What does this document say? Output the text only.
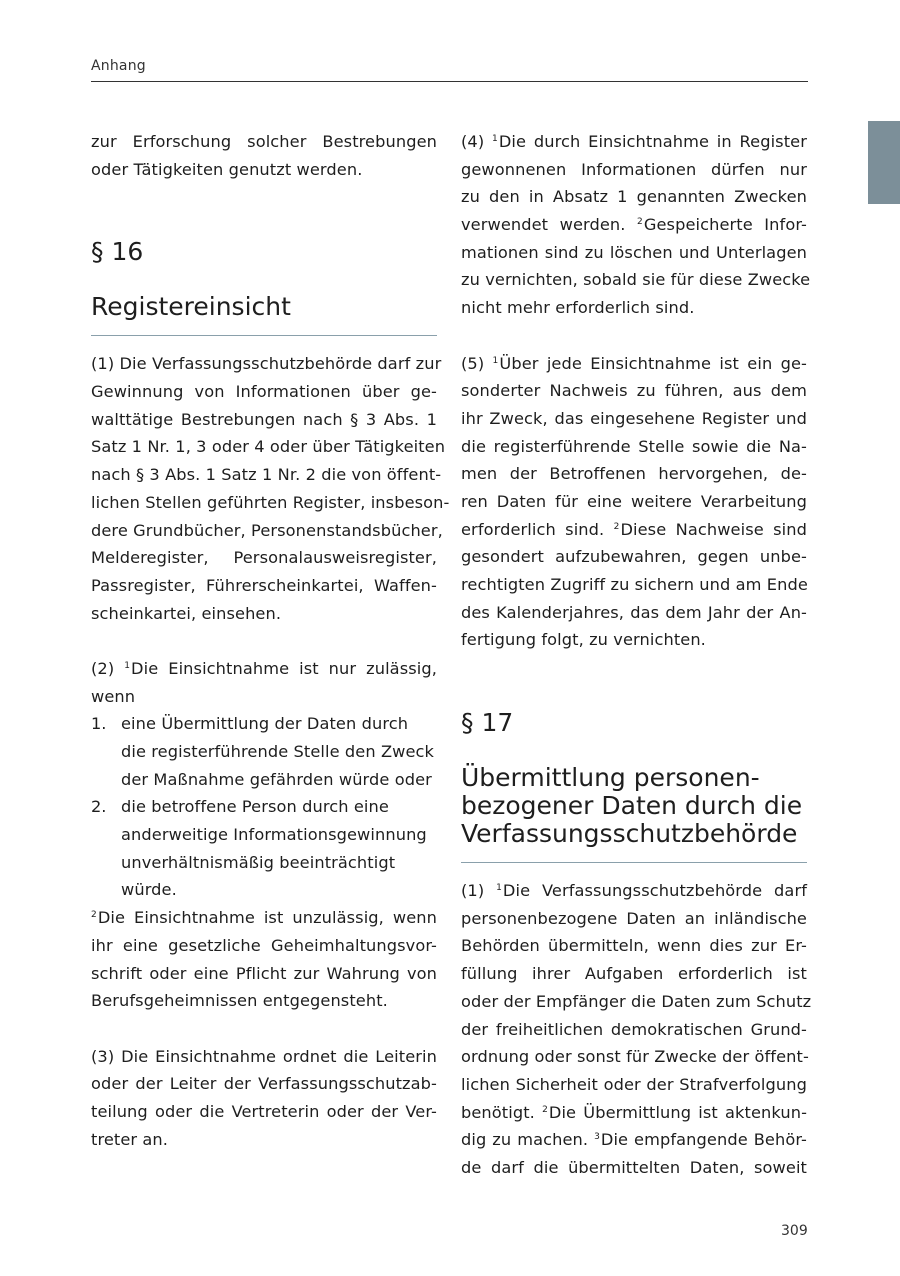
Anhang
zur Erforschung solcher Bestrebungen
oder Tätigkeiten genutzt werden.
§ 16
Registereinsicht
(1) Die Verfassungsschutzbehörde darf zur
Gewinnung von Informationen über ge-
walttätige Bestrebungen nach § 3 Abs. 1
Satz 1 Nr. 1, 3 oder 4 oder über Tätigkeiten
nach § 3 Abs. 1 Satz 1 Nr. 2 die von öffent-
lichen Stellen geführten Register, insbeson-
dere Grundbücher, Personenstandsbücher,
Melderegister, Personalausweisregister,
Passregister, Führerscheinkartei, Waffen-
scheinkartei, einsehen.
(2) $^1$Die Einsichtnahme ist nur zulässig,
wenn
1. eine Übermittlung der Daten durch
die registerführende Stelle den Zweck
der Maßnahme gefährden würde oder
2. die betroffene Person durch eine
anderweitige Informationsgewinnung
unverhältnismäßig beeinträchtigt
würde.
$^2$Die Einsichtnahme ist unzulässig, wenn
ihr eine gesetzliche Geheimhaltungsvor-
schrift oder eine Pflicht zur Wahrung von
Berufsgeheimnissen entgegensteht.
(3) Die Einsichtnahme ordnet die Leiterin
oder der Leiter der Verfassungsschutzab-
teilung oder die Vertreterin oder der Ver-
treter an.
(4) $^1$Die durch Einsichtnahme in Register
gewonnenen Informationen dürfen nur
zu den in Absatz 1 genannten Zwecken
verwendet werden. $^2$Gespeicherte Infor-
mationen sind zu löschen und Unterlagen
zu vernichten, sobald sie für diese Zwecke
nicht mehr erforderlich sind.
(5) $^1$Über jede Einsichtnahme ist ein ge-
sonderter Nachweis zu führen, aus dem
ihr Zweck, das eingesehene Register und
die registerführende Stelle sowie die Na-
men der Betroffenen hervorgehen, de-
ren Daten für eine weitere Verarbeitung
erforderlich sind. $^2$Diese Nachweise sind
gesondert aufzubewahren, gegen unbe-
rechtigten Zugriff zu sichern und am Ende
des Kalenderjahres, das dem Jahr der An-
fertigung folgt, zu vernichten.
§ 17
Übermittlung personen-
bezogener Daten durch die
Verfassungsschutzbehörde
(1) $^1$Die Verfassungsschutzbehörde darf
personenbezogene Daten an inländische
Behörden übermitteln, wenn dies zur Er-
füllung ihrer Aufgaben erforderlich ist
oder der Empfänger die Daten zum Schutz
der freiheitlichen demokratischen Grund-
ordnung oder sonst für Zwecke der öffent-
lichen Sicherheit oder der Strafverfolgung
benötigt. $^2$Die Übermittlung ist aktenkun-
dig zu machen. $^3$Die empfangende Behör-
de darf die übermittelten Daten, soweit
309
